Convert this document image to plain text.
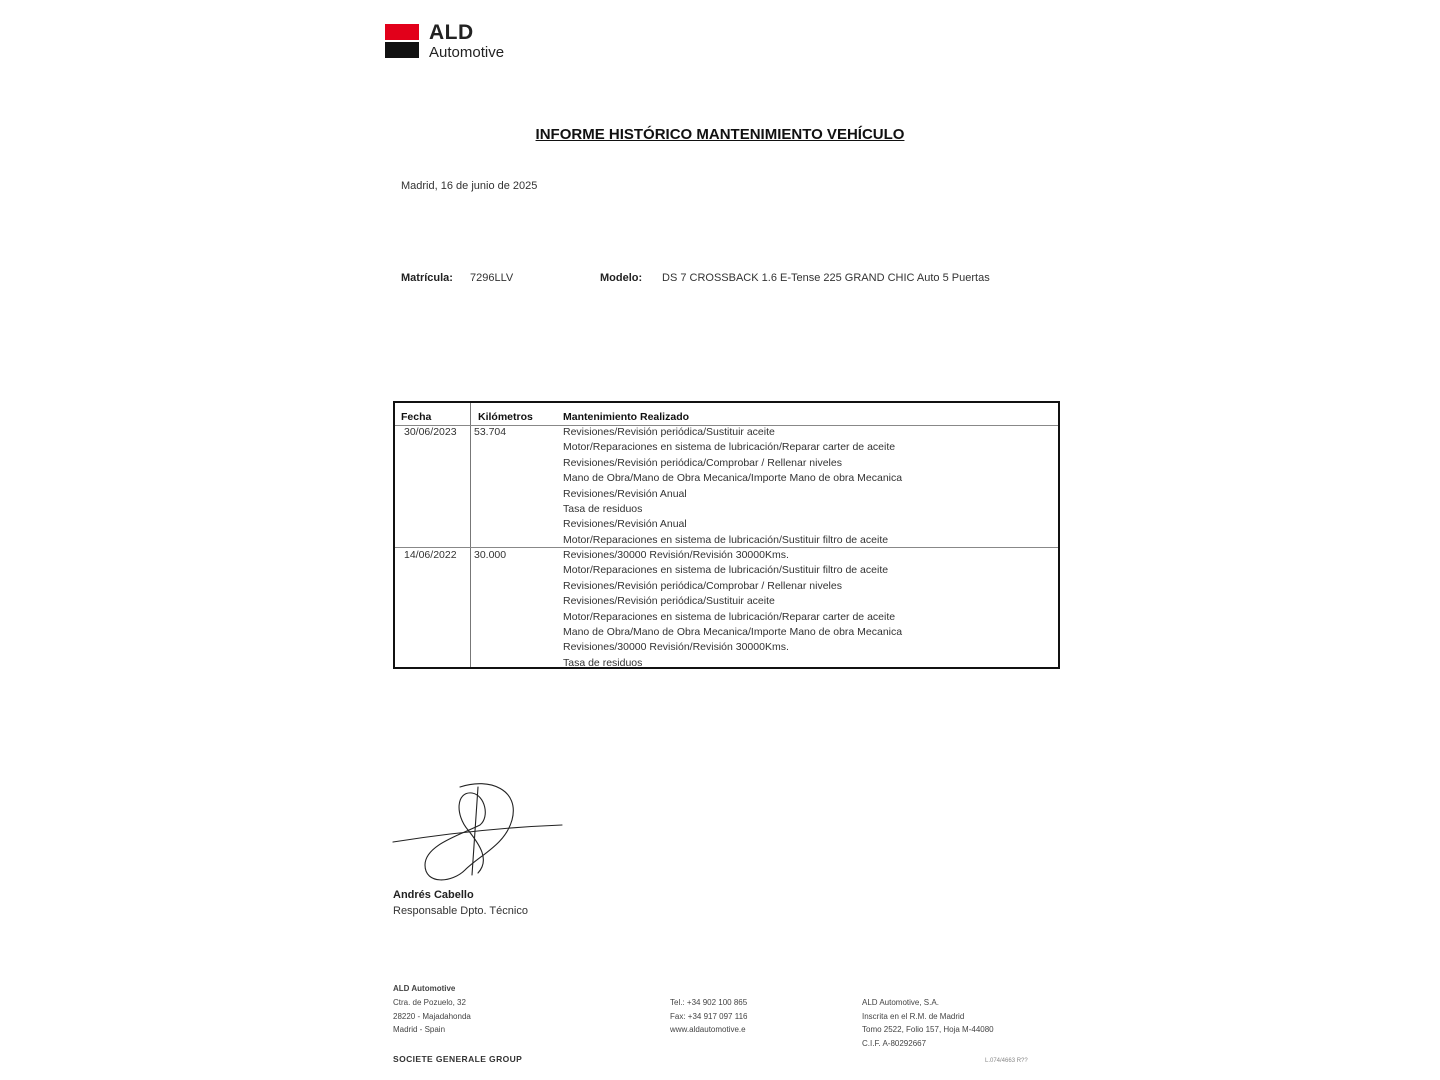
ALD
Automotive
INFORME HISTÓRICO MANTENIMIENTO VEHÍCULO
Madrid, 16 de junio de 2025
Matrícula: 7296LLV	Modelo: DS 7 CROSSBACK 1.6 E-Tense 225 GRAND CHIC Auto 5 Puertas
Fecha	Kilómetros	Mantenimiento Realizado
30/06/2023 53.704	Revisiones/Revisión periódica/Sustituir aceite
Motor/Reparaciones en sistema de lubricación/Reparar carter de aceite
Revisiones/Revisión periódica/Comprobar / Rellenar niveles
Mano de Obra/Mano de Obra Mecanica/Importe Mano de obra Mecanica
Revisiones/Revisión Anual
Tasa de residuos
Revisiones/Revisión Anual
Motor/Reparaciones en sistema de lubricación/Sustituir filtro de aceite
14/06/2022 30.000	Revisiones/30000 Revisión/Revisión 30000Kms.
Motor/Reparaciones en sistema de lubricación/Sustituir filtro de aceite
Revisiones/Revisión periódica/Comprobar / Rellenar niveles
Revisiones/Revisión periódica/Sustituir aceite
Motor/Reparaciones en sistema de lubricación/Reparar carter de aceite
Mano de Obra/Mano de Obra Mecanica/Importe Mano de obra Mecanica
Revisiones/30000 Revisión/Revisión 30000Kms.
Tasa de residuos
Andrés Cabello
Responsable Dpto. Técnico
ALD Automotive
Ctra. de Pozuelo, 32
28220 - Majadahonda
Madrid - Spain
Tel.: +34 902 100 865
Fax: +34 917 097 116
www.aldautomotive.e
ALD Automotive, S.A.
Inscrita en el R.M. de Madrid
Tomo 2522, Folio 157, Hoja M-44080
C.I.F. A-80292667
SOCIETE GENERALE GROUP	L.074/4663 R??
